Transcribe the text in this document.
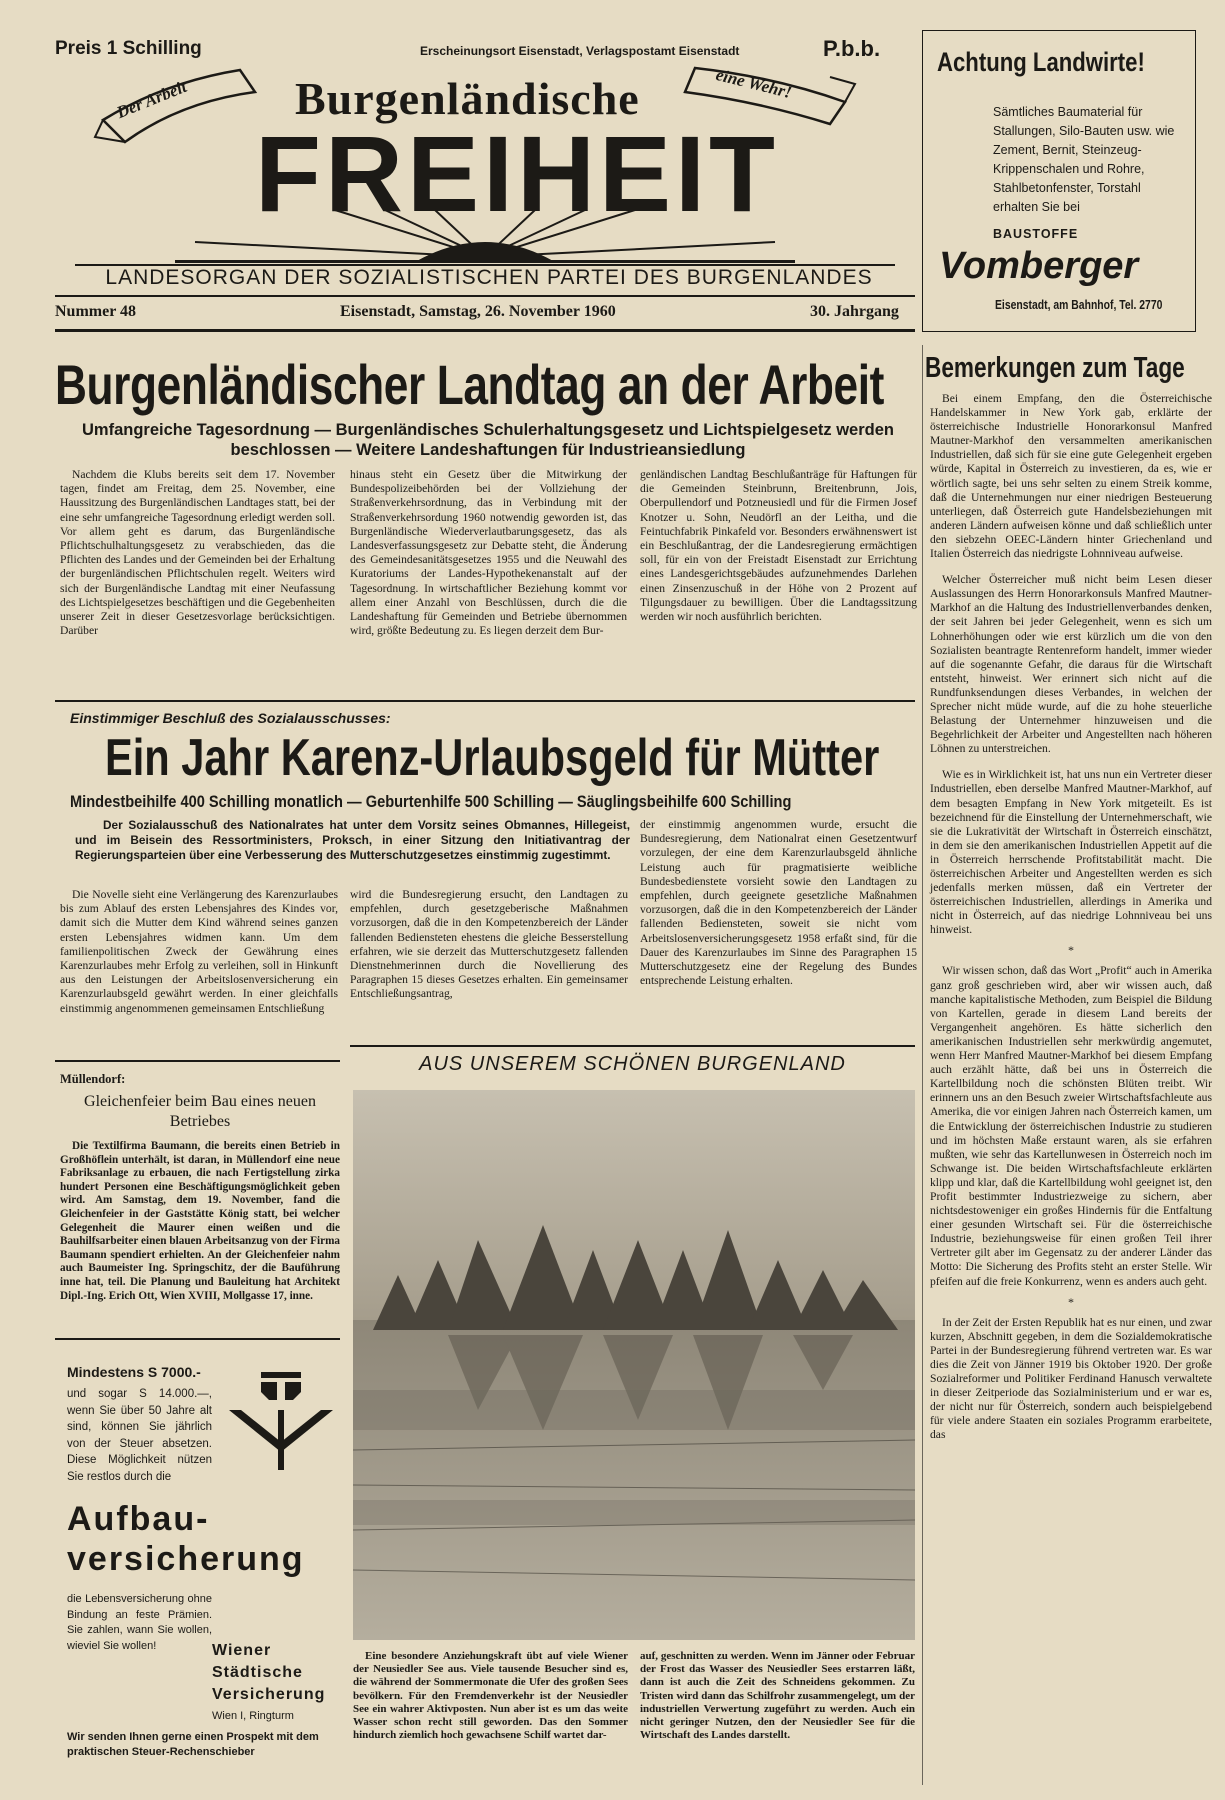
Preis 1 Schilling	Erscheinungsort Eisenstadt, Verlagspostamt Eisenstadt	P.b.b.
Der Arbeit	eine Wehr!
Burgenländische
FREIHEIT
LANDESORGAN DER SOZIALISTISCHEN PARTEI DES BURGENLANDES
Nummer 48	Eisenstadt, Samstag, 26. November 1960	30. Jahrgang
Achtung Landwirte!
Sämtliches Baumaterial für Stallungen, Silo-Bauten usw. wie Zement, Bernit, Steinzeug-Krippenschalen und Rohre, Stahlbetonfenster, Torstahl erhalten Sie bei
BAUSTOFFE
Vomberger
Eisenstadt, am Bahnhof, Tel. 2770
Burgenländischer Landtag an der Arbeit
Umfangreiche Tagesordnung — Burgenländisches Schulerhaltungsgesetz und Lichtspielgesetz werden beschlossen — Weitere Landeshaftungen für Industrieansiedlung
Nachdem die Klubs bereits seit dem 17. November tagen, findet am Freitag, dem 25. November, eine Haussitzung des Burgenländischen Landtages statt, bei der eine sehr umfangreiche Tagesordnung erledigt werden soll. Vor allem geht es darum, das Burgenländische Pflichtschulhaltungsgesetz zu verabschieden, das die Pflichten des Landes und der Gemeinden bei der Erhaltung der burgenländischen Pflichtschulen regelt. Weiters wird sich der Burgenländische Landtag mit einer Neufassung des Lichtspielgesetzes beschäftigen und die Gegebenheiten unserer Zeit in dieser Gesetzesvorlage berücksichtigen. Darüber
hinaus steht ein Gesetz über die Mitwirkung der Bundespolizeibehörden bei der Vollziehung der Straßenverkehrsordnung, das in Verbindung mit der Straßenverkehrsordung 1960 notwendig geworden ist, das Burgenländische Wiederverlautbarungsgesetz, das als Landesverfassungsgesetz zur Debatte steht, die Änderung des Gemeindesanitätsgesetzes 1955 und die Neuwahl des Kuratoriums der Landes-Hypothekenanstalt auf der Tagesordnung. In wirtschaftlicher Beziehung kommt vor allem einer Anzahl von Beschlüssen, durch die die Landeshaftung für Gemeinden und Betriebe übernommen wird, größte Bedeutung zu. Es liegen derzeit dem Bur-
genländischen Landtag Beschlußanträge für Haftungen für die Gemeinden Steinbrunn, Breitenbrunn, Jois, Oberpullendorf und Potzneusiedl und für die Firmen Josef Knotzer u. Sohn, Neudörfl an der Leitha, und die Feintuchfabrik Pinkafeld vor. Besonders erwähnenswert ist ein Beschlußantrag, der die Landesregierung ermächtigen soll, für ein von der Freistadt Eisenstadt zur Errichtung eines Landesgerichtsgebäudes aufzunehmendes Darlehen einen Zinsenzuschuß in der Höhe von 2 Prozent auf Tilgungsdauer zu bewilligen. Über die Landtagssitzung werden wir noch ausführlich berichten.
Einstimmiger Beschluß des Sozialausschusses:
Ein Jahr Karenz-Urlaubsgeld für Mütter
Mindestbeihilfe 400 Schilling monatlich — Geburtenhilfe 500 Schilling — Säuglingsbeihilfe 600 Schilling
Der Sozialausschuß des Nationalrates hat unter dem Vorsitz seines Obmannes, Hillegeist, und im Beisein des Ressortministers, Proksch, in einer Sitzung den Initiativantrag der Regierungsparteien über eine Verbesserung des Mutterschutzgesetzes einstimmig zugestimmt.
Die Novelle sieht eine Verlängerung des Karenzurlaubes bis zum Ablauf des ersten Lebensjahres des Kindes vor, damit sich die Mutter dem Kind während seines ganzen ersten Lebensjahres widmen kann. Um dem familienpolitischen Zweck der Gewährung eines Karenzurlaubes mehr Erfolg zu verleihen, soll in Hinkunft aus den Leistungen der Arbeitslosenversicherung ein Karenzurlaubsgeld gewährt werden. In einer gleichfalls einstimmig angenommenen gemeinsamen Entschließung
wird die Bundesregierung ersucht, den Landtagen zu empfehlen, durch gesetzgeberische Maßnahmen vorzusorgen, daß die in den Kompetenzbereich der Länder fallenden Bediensteten ehestens die gleiche Besserstellung erfahren, wie sie derzeit das Mutterschutzgesetz fallenden Dienstnehmerinnen durch die Novellierung des Paragraphen 15 dieses Gesetzes erhalten. Ein gemeinsamer Entschließungsantrag,
der einstimmig angenommen wurde, ersucht die Bundesregierung, dem Nationalrat einen Gesetzentwurf vorzulegen, der eine dem Karenzurlaubsgeld ähnliche Leistung auch für pragmatisierte weibliche Bundesbedienstete vorsieht sowie den Landtagen zu empfehlen, durch geeignete gesetzliche Maßnahmen vorzusorgen, daß die in den Kompetenzbereich der Länder fallenden Bediensteten, soweit sie nicht vom Arbeitslosenversicherungsgesetz 1958 erfaßt sind, für die Dauer des Karenzurlaubes im Sinne des Paragraphen 15 Mutterschutzgesetz eine der Regelung des Bundes entsprechende Leistung erhalten.
Müllendorf:
Gleichenfeier beim Bau eines neuen Betriebes
Die Textilfirma Baumann, die bereits einen Betrieb in Großhöflein unterhält, ist daran, in Müllendorf eine neue Fabriksanlage zu erbauen, die nach Fertigstellung zirka hundert Personen eine Beschäftigungsmöglichkeit geben wird. Am Samstag, dem 19. November, fand die Gleichenfeier in der Gaststätte König statt, bei welcher Gelegenheit die Maurer einen weißen und die Bauhilfsarbeiter einen blauen Arbeitsanzug von der Firma Baumann spendiert erhielten. An der Gleichenfeier nahm auch Baumeister Ing. Springschitz, der die Bauführung inne hat, teil. Die Planung und Bauleitung hat Architekt Dipl.-Ing. Erich Ott, Wien XVIII, Mollgasse 17, inne.
Mindestens S 7000.-
und sogar S 14.000.—, wenn Sie über 50 Jahre alt sind, können Sie jährlich von der Steuer absetzen. Diese Möglichkeit nützen Sie restlos durch die
Aufbau-
versicherung
die Lebensversicherung ohne Bindung an feste Prämien. Sie zahlen, wann Sie wollen, wieviel Sie wollen!	Wiener
Städtische
Versicherung
Wien I, Ringturm
Wir senden Ihnen gerne einen Prospekt mit dem praktischen Steuer-Rechenschieber
AUS UNSEREM SCHÖNEN BURGENLAND
Eine besondere Anziehungskraft übt auf viele Wiener der Neusiedler See aus. Viele tausende Besucher sind es, die während der Sommermonate die Ufer des großen Sees bevölkern. Für den Fremdenverkehr ist der Neusiedler See ein wahrer Aktivposten. Nun aber ist es um das weite Wasser schon recht still geworden. Das den Sommer hindurch ziemlich hoch gewachsene Schilf wartet dar-
auf, geschnitten zu werden. Wenn im Jänner oder Februar der Frost das Wasser des Neusiedler Sees erstarren läßt, dann ist auch die Zeit des Schneidens gekommen. Zu Tristen wird dann das Schilfrohr zusammengelegt, um der industriellen Verwertung zugeführt zu werden. Auch ein nicht geringer Nutzen, den der Neusiedler See für die Wirtschaft des Landes darstellt.
Bemerkungen zum Tage

Bei einem Empfang, den die Österreichische Handelskammer in New York gab, erklärte der österreichische Industrielle Honorarkonsul Manfred Mautner-Markhof den versammelten amerikanischen Industriellen, daß sich für sie eine gute Gelegenheit ergeben würde, Kapital in Österreich zu investieren, da es, wie er wörtlich sagte, bei uns sehr selten zu einem Streik komme, daß die Unternehmungen nur einer niedrigen Besteuerung unterliegen, daß Österreich gute Handelsbeziehungen mit anderen Ländern aufweisen könne und daß schließlich unter den siebzehn OEEC-Ländern hinter Griechenland und Italien Österreich das niedrigste Lohnniveau aufweise.

Welcher Österreicher muß nicht beim Lesen dieser Auslassungen des Herrn Honorarkonsuls Manfred Mautner-Markhof an die Haltung des Industriellenverbandes denken, der seit Jahren bei jeder Gelegenheit, wenn es sich um Lohnerhöhungen oder wie erst kürzlich um die von den Sozialisten beantragte Rentenreform handelt, immer wieder auf die sogenannte Gefahr, die daraus für die Wirtschaft entsteht, hinweist. Wer erinnert sich nicht auf die Rundfunksendungen dieses Verbandes, in welchen der Sprecher nicht müde wurde, auf die zu hohe steuerliche Belastung der Unternehmer hinzuweisen und die Begehrlichkeit der Arbeiter und Angestellten nach höheren Löhnen zu unterstreichen.

Wie es in Wirklichkeit ist, hat uns nun ein Vertreter dieser Industriellen, eben derselbe Manfred Mautner-Markhof, auf dem besagten Empfang in New York mitgeteilt. Es ist bezeichnend für die Einstellung der Unternehmerschaft, wie sie die Lukrativität der Wirtschaft in Österreich einschätzt, in dem sie den amerikanischen Industriellen Appetit auf die in Österreich herrschende Profitstabilität macht. Die österreichischen Arbeiter und Angestellten werden es sich jedenfalls merken müssen, daß ein Vertreter der österreichischen Industriellen, allerdings in Amerika und nicht in Österreich, auf das niedrige Lohnniveau bei uns hinweist.

*

Wir wissen schon, daß das Wort „Profit“ auch in Amerika ganz groß geschrieben wird, aber wir wissen auch, daß manche kapitalistische Methoden, zum Beispiel die Bildung von Kartellen, gerade in diesem Land bereits der Vergangenheit angehören. Es hätte sicherlich den amerikanischen Industriellen sehr merkwürdig angemutet, wenn Herr Manfred Mautner-Markhof bei diesem Empfang auch erzählt hätte, daß bei uns in Österreich die Kartellbildung noch die schönsten Blüten treibt. Wir erinnern uns an den Besuch zweier Wirtschaftsfachleute aus Amerika, die vor einigen Jahren nach Österreich kamen, um die Entwicklung der österreichischen Industrie zu studieren und im höchsten Maße erstaunt waren, als sie erfahren mußten, wie sehr das Kartellunwesen in Österreich noch im Schwange ist. Die beiden Wirtschaftsfachleute erklärten klipp und klar, daß die Kartellbildung wohl geeignet ist, den Profit bestimmter Industriezweige zu sichern, aber nichtsdestoweniger ein großes Hindernis für die Entfaltung einer gesunden Wirtschaft sei. Für die österreichische Industrie, beziehungsweise für einen großen Teil ihrer Vertreter gilt aber im Gegensatz zu der anderer Länder das Motto: Die Sicherung des Profits steht an erster Stelle. Wir pfeifen auf die freie Konkurrenz, wenn es anders auch geht.

*

In der Zeit der Ersten Republik hat es nur einen, und zwar kurzen, Abschnitt gegeben, in dem die Sozialdemokratische Partei in der Bundesregierung führend vertreten war. Es war dies die Zeit von Jänner 1919 bis Oktober 1920. Der große Sozialreformer und Politiker Ferdinand Hanusch verwaltete in dieser Zeitperiode das Sozialministerium und er war es, der nicht nur für Österreich, sondern auch beispielgebend für viele andere Staaten ein soziales Programm erarbeitete, das
